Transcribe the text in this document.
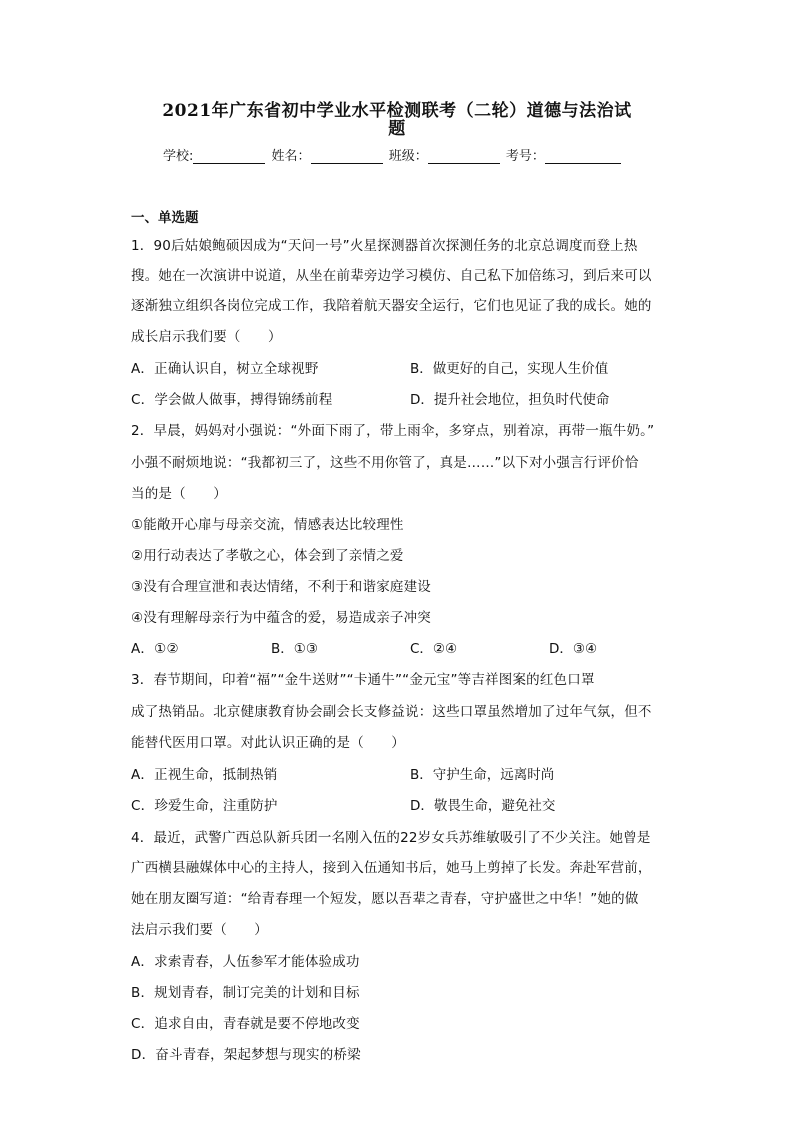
2021年广东省初中学业水平检测联考（二轮）道德与法治试
题
学校:	姓名：	班级：	考号：
一、单选题
1．90后姑娘鲍硕因成为“天问一号”火星探测器首次探测任务的北京总调度而登上热
搜。她在一次演讲中说道，从坐在前辈旁边学习模仿、自己私下加倍练习，到后来可以
逐渐独立组织各岗位完成工作，我陪着航天器安全运行，它们也见证了我的成长。她的
成长启示我们要（　　）
A．正确认识自，树立全球视野	B．做更好的自己，实现人生价值
C．学会做人做事，搏得锦绣前程	D．提升社会地位，担负时代使命
2．早晨，妈妈对小强说：“外面下雨了，带上雨伞，多穿点，别着凉，再带一瓶牛奶。”
小强不耐烦地说：“我都初三了，这些不用你管了，真是……”以下对小强言行评价恰
当的是（　　）
①能敞开心扉与母亲交流，情感表达比较理性
②用行动表达了孝敬之心，体会到了亲情之爱
③没有合理宣泄和表达情绪，不利于和谐家庭建设
④没有理解母亲行为中蕴含的爱，易造成亲子冲突
A．①②	B．①③	C．②④	D．③④
3．春节期间，印着“福”“金牛送财”“卡通牛”“金元宝”等吉祥图案的红色口罩
成了热销品。北京健康教育协会副会长支修益说：这些口罩虽然增加了过年气氛，但不
能替代医用口罩。对此认识正确的是（　　）
A．正视生命，抵制热销	B．守护生命，远离时尚
C．珍爱生命，注重防护	D．敬畏生命，避免社交
4．最近，武警广西总队新兵团一名刚入伍的22岁女兵苏维敏吸引了不少关注。她曾是
广西横县融媒体中心的主持人，接到入伍通知书后，她马上剪掉了长发。奔赴军营前，
她在朋友圈写道：“给青春理一个短发，愿以吾辈之青春，守护盛世之中华！”她的做
法启示我们要（　　）
A．求索青春，人伍参军才能体验成功
B．规划青春，制订完美的计划和目标
C．追求自由，青春就是要不停地改变
D．奋斗青春，架起梦想与现实的桥梁
